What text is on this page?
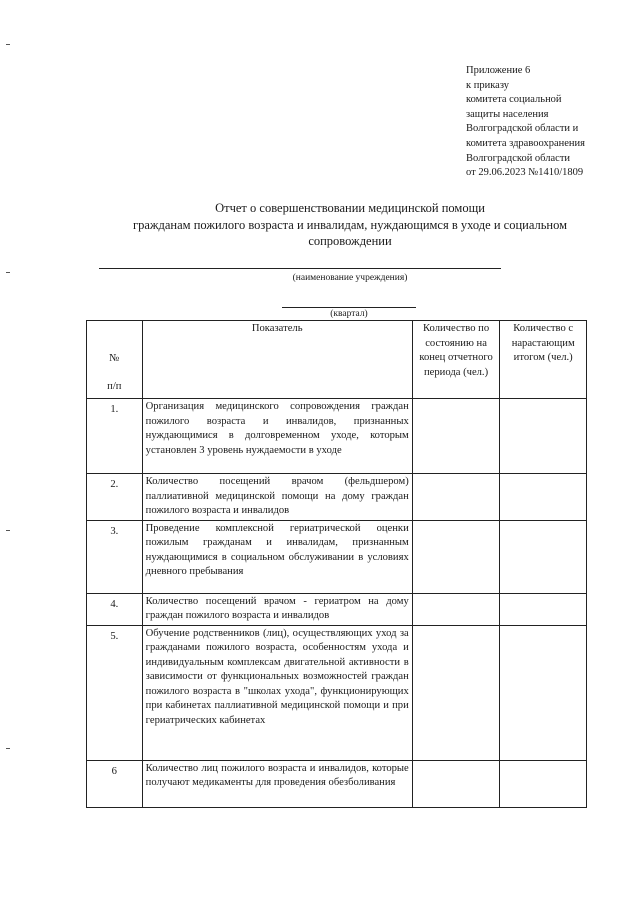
Приложение 6
к приказу
комитета социальной
защиты населения
Волгоградской области и
комитета здравоохранения
Волгоградской области
от 29.06.2023 №1410/1809
Отчет о совершенствовании медицинской помощи
гражданам пожилого возраста и инвалидам, нуждающимся в уходе и социальном
сопровождении
(наименование учреждения)
(квартал)
№
п/п	Показатель	Количество по состоянию на конец отчетного периода (чел.)	Количество с нарастающим итогом (чел.)
1.	Организация медицинского сопровождения граждан пожилого возраста и инвалидов, признанных нуждающимися в долговременном уходе, которым установлен 3 уровень нуждаемости в уходе		
2.	Количество посещений врачом (фельдшером) паллиативной медицинской помощи на дому граждан пожилого возраста и инвалидов		
3.	Проведение комплексной гериатрической оценки пожилым гражданам и инвалидам, признанным нуждающимися в социальном обслуживании в условиях дневного пребывания		
4.	Количество посещений врачом - гериатром на дому граждан пожилого возраста и инвалидов		
5.	Обучение родственников (лиц), осуществляющих уход за гражданами пожилого возраста, особенностям ухода и индивидуальным комплексам двигательной активности в зависимости от функциональных возможностей граждан пожилого возраста в "школах ухода", функционирующих при кабинетах паллиативной медицинской помощи и при гериатрических кабинетах		
6	Количество лиц пожилого возраста и инвалидов, которые получают медикаменты для проведения обезболивания		
